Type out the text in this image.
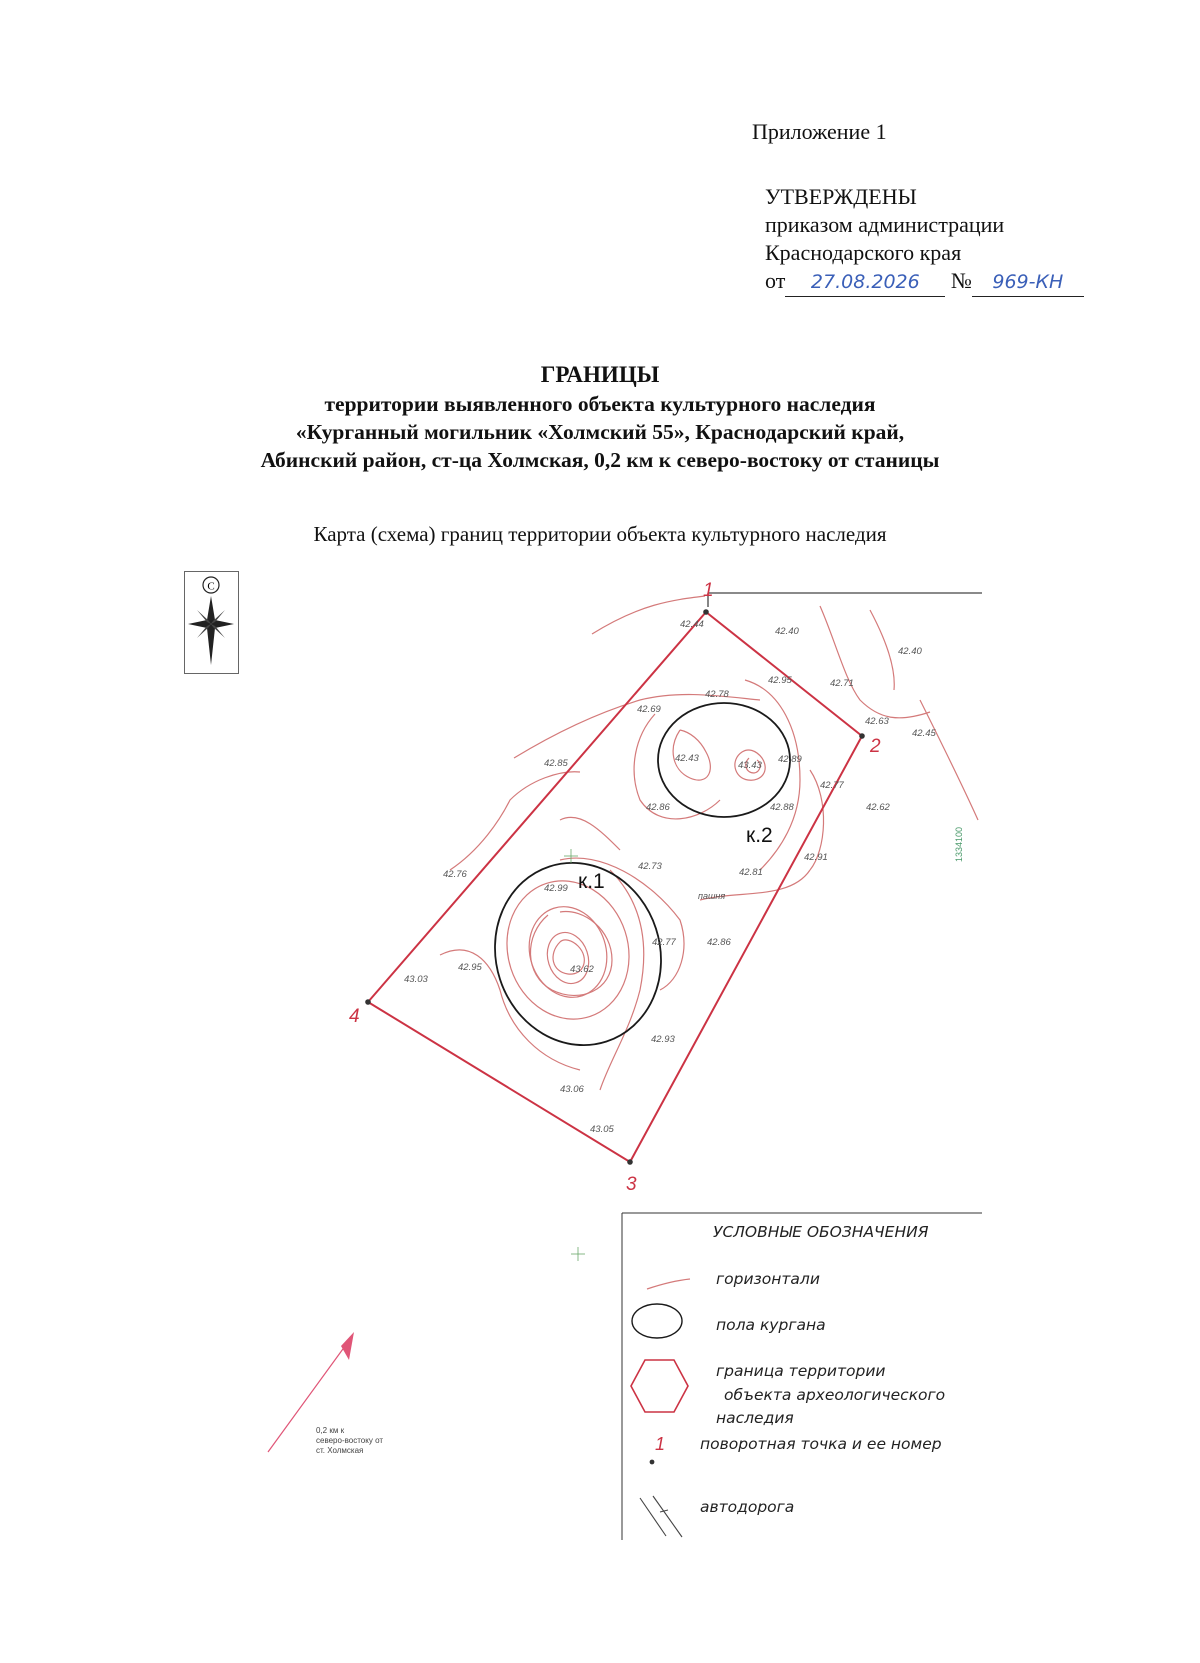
Приложение 1
УТВЕРЖДЕНЫ
приказом администрации
Краснодарского края
от 27.08.2026 № 969-КН
ГРАНИЦЫ
территории выявленного объекта культурного наследия
«Курганный могильник «Холмский 55», Краснодарский край,
Абинский район, ст-ца Холмская, 0,2 км к северо-востоку от станицы
Карта (схема) границ территории объекта культурного наследия
С	1
2
3
4
к.1
к.2
42.44
42.40
42.40
42.95	42.71
42.63
42.45
42.69
42.78
42.43
43.43
42.89
42.77
42.62
42.86	42.88
42.85
42.76
42.73
42.81
42.91
42.99
42.77	42.86
42.95
43.03
43.62
42.93
43.06
43.05
пашня
1334100
0,2 км к
северо-востоку от
ст. Холмская
УСЛОВНЫЕ ОБОЗНАЧЕНИЯ
горизонтали
пола кургана
граница территории
объекта археологического
наследия
1 поворотная точка и ее номер
автодорога
